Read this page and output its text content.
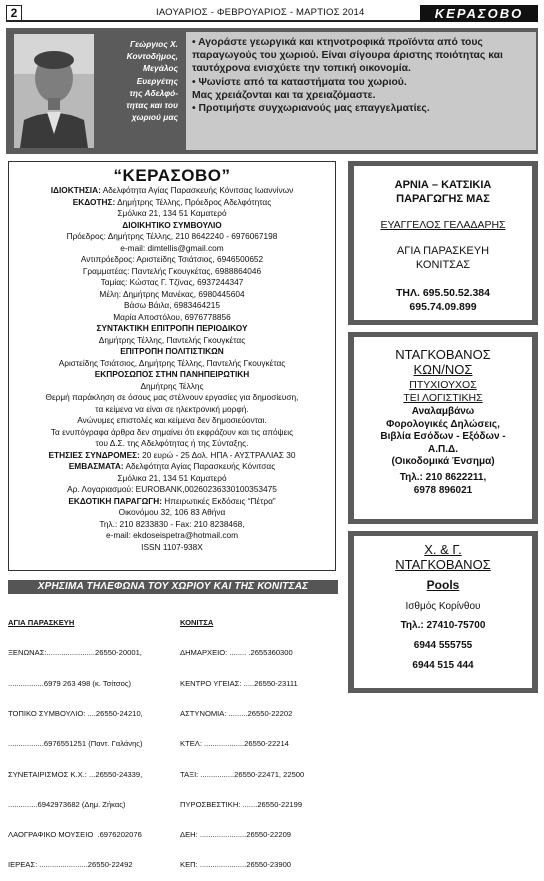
2	ΙΑΟΥΑΡΙΟΣ - ΦΕΒΡΟΥΑΡΙΟΣ - ΜΑΡΤΙΟΣ 2014	ΚΕΡΑΣΟΒΟ
Γεώργιος Χ.
Κοντοδήμος,
Μεγάλος
Ευεργέτης
της Αδελφό-
τητας και του
χωριού μας

• Αγοράστε γεωργικά και κτηνοτροφικά προϊόντα από τους παραγωγούς του χωριού. Είναι σίγουρα άριστης ποιότητας και ταυτόχρονα ενισχύετε την τοπική οικονομία.

• Ψωνίστε από τα καταστήματα του χωριού.

Μας χρειάζονται και τα χρειαζόμαστε.

• Προτιμήστε συγχωριανούς μας επαγγελματίες.

“ΚΕΡΑΣΟΒΟ”
ΙΔΙΟΚΤΗΣΙΑ: Αδελφότητα Αγίας Παρασκευής Κόνιτσας Ιωαννίνων
ΕΚΔΟΤΗΣ: Δημήτρης Τέλλης, Πρόεδρος Αδελφότητας
Σμόλικα 21, 134 51 Καματερό
ΔΙΟΙΚΗΤΙΚΟ ΣΥΜΒΟΥΛΙΟ
Πρόεδρος: Δημήτρης Τέλλης, 210 8642240 - 6976067198
e-mail: dimtellis@gmail.com
Αντιπρόεδρος: Αριστείδης Τσιάτσιος, 6946500652
Γραμματέας: Παντελής Γκουγκέτας, 6988864046
Ταμίας: Κώστας Γ. Τζίνας, 6937244347
Μέλη: Δημήτρης Μανέκας, 6980445604
Βάσω Βάιλα, 6983464215
Μαρία Αποστόλου, 6976778856
ΣΥΝΤΑΚΤΙΚΗ ΕΠΙΤΡΟΠΗ ΠΕΡΙΟΔΙΚΟΥ
Δημήτρης Τέλλης, Παντελής Γκουγκέτας
ΕΠΙΤΡΟΠΗ ΠΟΛΙΤΙΣΤΙΚΩΝ
Αριστείδης Τσιάτσιος, Δημήτρης Τέλλης, Παντελής Γκουγκέτας
ΕΚΠΡΟΣΩΠΟΣ ΣΤΗΝ ΠΑΝΗΠΕΙΡΩΤΙΚΗ
Δημήτρης Τέλλης
Θερμή παράκληση σε όσους μας στέλνουν εργασίες για δημοσίευση,
τα κείμενα να είναι σε ηλεκτρονική μορφή.
Ανώνυμες επιστολές και κείμενα δεν δημοσιεύονται.
Τα ενυπόγραφα άρθρα δεν σημαίνει ότι εκφράζουν και τις απόψεις
του Δ.Σ. της Αδελφότητας ή της Σύνταξης.
ΕΤΗΣΙΕΣ ΣΥΝΔΡΟΜΕΣ: 20 ευρώ - 25 Δολ. ΗΠΑ - ΑΥΣΤΡΑΛΙΑΣ 30
ΕΜΒΑΣΜΑΤΑ: Αδελφότητα Αγίας Παρασκευής Κόνιτσας
Σμόλικα 21, 134 51 Καματερό
Αρ. Λογαριασμού: EUROBANK,0026023633010035347​5
ΕΚΔΟΤΙΚΗ ΠΑΡΑΓΩΓΗ: Ηπειρωτικές Εκδόσεις “Πέτρα”
Οικονόμου 32, 106 83 Αθήνα
Τηλ.: 210 8233830 - Fax: 210 8238468,
e-mail: ekdoseispetra@hotmail.com
ISSN 1107-938X
ΑΡΝΙΑ – ΚΑΤΣΙΚΙΑ
ΠΑΡΑΓΩΓΗΣ ΜΑΣ
ΕΥΑΓΓΕΛΟΣ ΓΕΛΑΔΑΡΗΣ
ΑΓΙΑ ΠΑΡΑΣΚΕΥΗ
ΚΟΝΙΤΣΑΣ
ΤΗΛ. 695.50.52.384
695.74.09.899
ΝΤΑΓΚΟΒΑΝΟΣ
ΚΩΝ/ΝΟΣ
ΠΤΥΧΙΟΥΧΟΣ
ΤΕΙ ΛΟΓΙΣΤΙΚΗΣ
Αναλαμβάνω
Φορολογικές Δηλώσεις,
Βιβλία Εσόδων - Εξόδων -
Α.Π.Δ.
(Οικοδομικά Ένσημα)
Τηλ.: 210 8622211,
6978 896021
Χ. & Γ.
ΝΤΑΓΚΟΒΑΝΟΣ
Pools
Ισθμός Κορίνθου
Τηλ.: 27410-75700
6944 555755
6944 515 444
ΧΡΗΣΙΜΑ ΤΗΛΕΦΩΝΑ ΤΟΥ ΧΩΡΙΟΥ ΚΑΙ ΤΗΣ ΚΟΝΙΤΣΑΣ

ΑΓΙΑ ΠΑΡΑΣΚΕΥΗ

ΞΕΝΩΝΑΣ:.......................26550-20001,

.................6979 263 498 (κ. Τσίτσος)

ΤΟΠΙΚΟ ΣΥΜΒΟΥΛΙΟ: ....26550-24210,

.................6976551251 (Παντ. Γαλάνης)

ΣΥΝΕΤΑΙΡΙΣΜΟΣ Κ.Χ.: ...26550-24339,

..............6942973682 (Δημ. Ζήκας)

ΛΑΟΓΡΑΦΙΚΟ ΜΟΥΣΕΙΟ  .6976202076

ΙΕΡΕΑΣ: .......................26550-22492

ΚΟΝΙΤΣΑ

ΔΗΜΑΡΧΕΙΟ: ........ .2655360300

ΚΕΝΤΡΟ ΥΓΕΙΑΣ: .....26550-23111

ΑΣΤΥΝΟΜΙΑ: .........26550-22202

ΚΤΕΛ: ...................26550-22214

ΤΑΞΙ: ................26550-22471, 22500

ΠΥΡΟΣΒΕΣΤΙΚΗ: .......26550-22199

ΔΕΗ: ......................26550-22209

ΚΕΠ: ......................26550-23900
